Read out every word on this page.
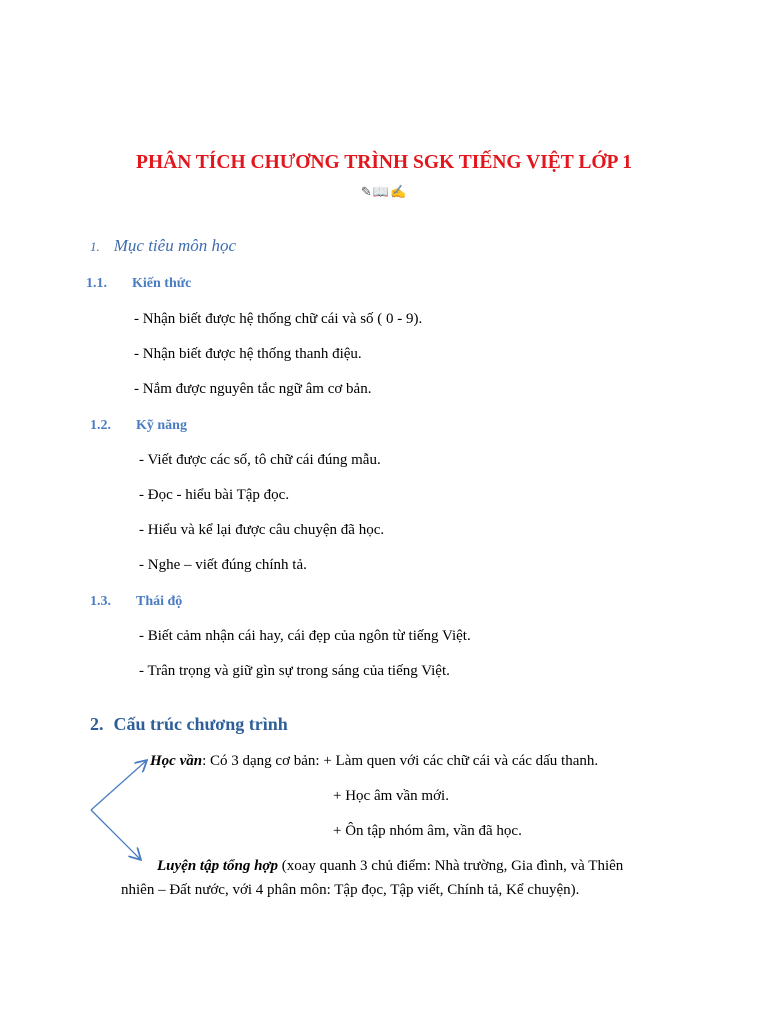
PHÂN TÍCH CHƯƠNG TRÌNH SGK TIẾNG VIỆT LỚP 1
✎📖✍
1. Mục tiêu môn học
1.1. Kiến thức
- Nhận biết được hệ thống chữ cái và số ( 0 - 9).
- Nhận biết được hệ thống thanh điệu.
- Nắm được nguyên tắc ngữ âm cơ bản.
1.2. Kỹ năng
- Viết được các số, tô chữ cái đúng mẫu.
- Đọc - hiểu bài Tập đọc.
- Hiểu và kể lại được câu chuyện đã học.
- Nghe – viết đúng chính tả.
1.3. Thái độ
- Biết cảm nhận cái hay, cái đẹp của ngôn từ tiếng Việt.
- Trân trọng và giữ gìn sự trong sáng của tiếng Việt.
2. Cấu trúc chương trình
Học vần: Có 3 dạng cơ bản: + Làm quen với các chữ cái và các dấu thanh.
+ Học âm vần mới.
+ Ôn tập nhóm âm, vần đã học.
Luyện tập tổng hợp (xoay quanh 3 chủ điểm: Nhà trường, Gia đình, và Thiên
nhiên – Đất nước, với 4 phân môn: Tập đọc, Tập viết, Chính tả, Kể chuyện).
